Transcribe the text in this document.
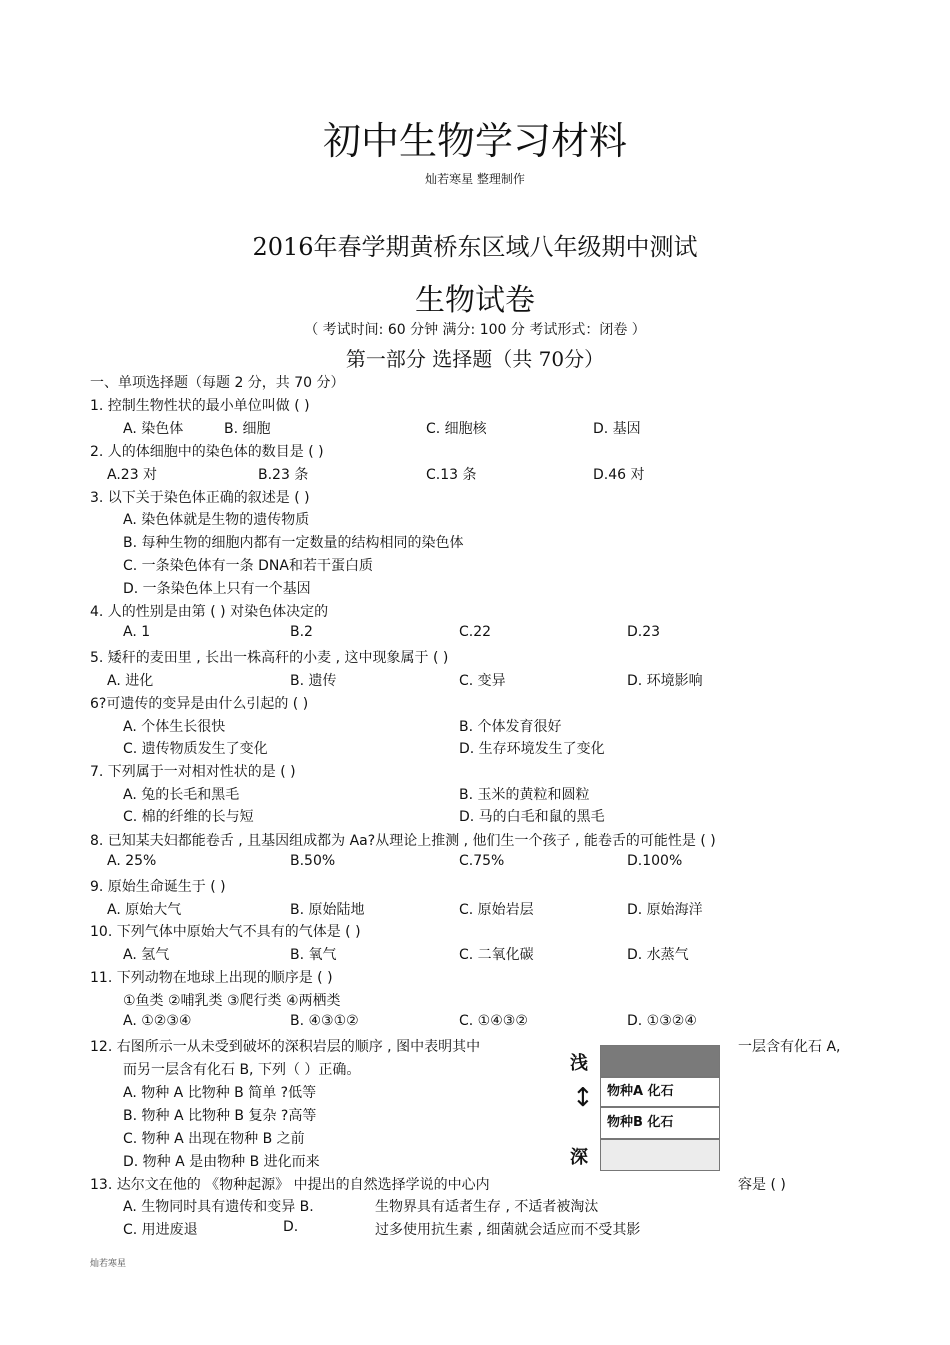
初中生物学习材料
灿若寒星 整理制作
2016年春学期黄桥东区域八年级期中测试
生物试卷
（ 考试时间: 60 分钟 满分: 100 分 考试形式：闭卷 ）
第一部分 选择题（共 70分）
一、单项选择题（每题 2 分，共 70 分）
1. 控制生物性状的最小单位叫做 ( )
A. 染色体	B. 细胞	C. 细胞核	D. 基因
2. 人的体细胞中的染色体的数目是 ( )
A.23 对	B.23 条	C.13 条	D.46 对
3. 以下关于染色体正确的叙述是 ( )
A. 染色体就是生物的遗传物质
B. 每种生物的细胞内都有一定数量的结构相同的染色体
C. 一条染色体有一条 DNA和若干蛋白质
D. 一条染色体上只有一个基因
4. 人的性别是由第 ( ) 对染色体决定的
A. 1	B.2	C.22	D.23
5. 矮秆的麦田里 , 长出一株高秆的小麦 , 这中现象属于 ( )
A. 进化	B. 遗传	C. 变异	D. 环境影响
6?可遗传的变异是由什么引起的 ( )
A. 个体生长很快	B. 个体发育很好
C. 遗传物质发生了变化	D. 生存环境发生了变化
7. 下列属于一对相对性状的是 ( )
A. 兔的长毛和黑毛	B. 玉米的黄粒和圆粒
C. 棉的纤维的长与短	D. 马的白毛和鼠的黑毛
8. 已知某夫妇都能卷舌 , 且基因组成都为 Aa?从理论上推测 , 他们生一个孩子 , 能卷舌的可能性是 ( )
A. 25%	B.50%	C.75%	D.100%
9. 原始生命诞生于 ( )
A. 原始大气	B. 原始陆地	C. 原始岩层	D. 原始海洋
10. 下列气体中原始大气不具有的气体是 ( )
A. 氢气	B. 氧气	C. 二氧化碳	D. 水蒸气
11. 下列动物在地球上出现的顺序是 ( )
①鱼类 ②哺乳类 ③爬行类 ④两栖类
A. ①②③④	B. ④③①②	C. ①④③②	D. ①③②④
12. 右图所示一从未受到破坏的深积岩层的顺序 , 图中表明其中	一层含有化石 A,
而另一层含有化石 B, 下列（ ）正确。
A. 物种 A 比物种 B 简单 ?低等
B. 物种 A 比物种 B 复杂 ?高等
C. 物种 A 出现在物种 B 之前
D. 物种 A 是由物种 B 进化而来
浅
深
↕	物种A 化石
物种B 化石
13. 达尔文在他的 《物种起源》 中提出的自然选择学说的中心内	容是 ( )
A. 生物同时具有遗传和变异 B.	生物界具有适者生存 , 不适者被淘汰
C. 用进废退	D.	过多使用抗生素 , 细菌就会适应而不受其影
灿若寒星
